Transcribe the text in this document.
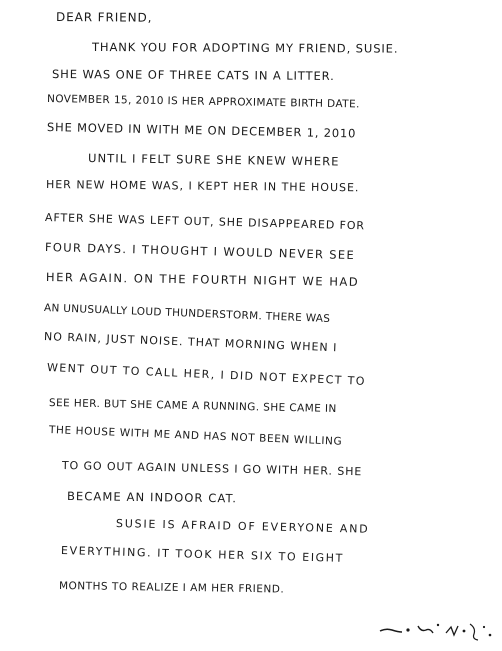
DEAR FRIEND,
THANK YOU FOR ADOPTING MY FRIEND, SUSIE.
SHE WAS ONE OF THREE CATS IN A LITTER.
NOVEMBER 15, 2010 IS HER APPROXIMATE BIRTH DATE.
SHE MOVED IN WITH ME ON DECEMBER 1, 2010
UNTIL I FELT SURE SHE KNEW WHERE
HER NEW HOME WAS, I KEPT HER IN THE HOUSE.
AFTER SHE WAS LEFT OUT, SHE DISAPPEARED FOR
FOUR DAYS. I THOUGHT I WOULD NEVER SEE
HER AGAIN. ON THE FOURTH NIGHT WE HAD
AN UNUSUALLY LOUD THUNDERSTORM. THERE WAS
NO RAIN, JUST NOISE. THAT MORNING WHEN I
WENT OUT TO CALL HER, I DID NOT EXPECT TO
SEE HER. BUT SHE CAME A RUNNING. SHE CAME IN
THE HOUSE WITH ME AND HAS NOT BEEN WILLING
TO GO OUT AGAIN UNLESS I GO WITH HER. SHE
BECAME AN INDOOR CAT.
SUSIE IS AFRAID OF EVERYONE AND
EVERYTHING. IT TOOK HER SIX TO EIGHT
MONTHS TO REALIZE I AM HER FRIEND.
